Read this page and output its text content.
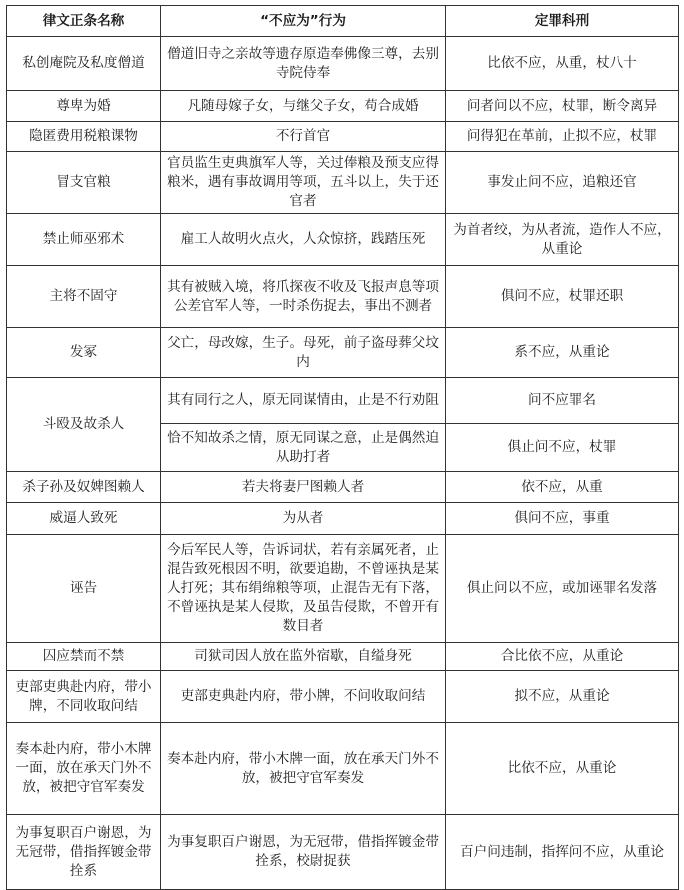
律文正条名称	“不应为”行为	定罪科刑
私创庵院及私度僧道	僧道旧寺之亲故等遗存原造奉佛像三尊，去别寺院侍奉	比依不应，从重，杖八十
尊卑为婚	凡随母嫁子女，与继父子女，苟合成婚	问者问以不应，杖罪，断令离异
隐匿费用税粮课物	不行首官	问得犯在革前，止拟不应，杖罪
冒支官粮	官员监生吏典旗军人等，关过俸粮及预支应得粮米，遇有事故调用等项，五斗以上，失于还官者	事发止问不应，追粮还官
禁止师巫邪术	雇工人故明火点火，人众惊挤，践踏压死	为首者绞，为从者流，造作人不应，从重论
主将不固守	其有被贼入境，将爪探夜不收及飞报声息等项公差官军人等，一时杀伤捉去，事出不测者	俱问不应，杖罪还职
发冢	父亡，母改嫁，生子。母死，前子盗母葬父坟内	系不应，从重论
斗殴及故杀人	其有同行之人，原无同谋情由，止是不行劝阻	问不应罪名
	恰不知故杀之情，原无同谋之意，止是偶然迫从助打者	俱止问不应，杖罪
杀子孙及奴婢图赖人	若夫将妻尸图赖人者	依不应，从重
威逼人致死	为从者	俱问不应，事重
诬告	今后军民人等，告诉词状，若有亲属死者，止混告致死根因不明，欲要追勘，不曾诬执是某人打死；其布绢绵粮等项，止混告无有下落，不曾诬执是某人侵欺，及虽告侵欺，不曾开有数目者	俱止问以不应，或加诬罪名发落
囚应禁而不禁	司狱司因人放在监外宿歇，自缢身死	合比依不应，从重论
吏部吏典赴内府，带小牌，不同收取问结	吏部吏典赴内府，带小牌，不问收取问结	拟不应，从重论
奏本赴内府，带小木牌一面，放在承天门外不放，被把守官军奏发	奏本赴内府，带小木牌一面，放在承天门外不放，被把守官军奏发	比依不应，从重论
为事复职百户谢恩，为无冠带，借指挥镀金带拴系	为事复职百户谢恩，为无冠带，借指挥镀金带拴系，校尉捉获	百户问违制，指挥问不应，从重论
